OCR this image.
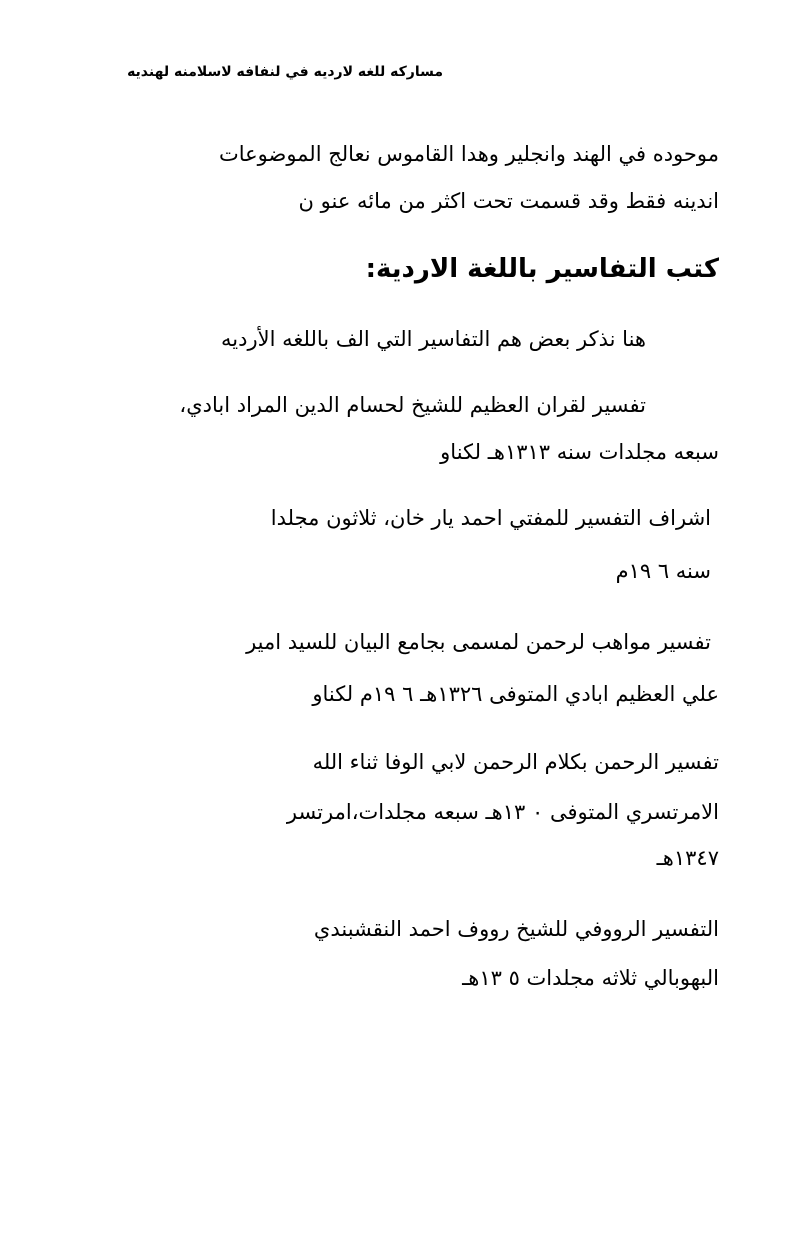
مساركه للغه لارديه في لنفافه لاسلامنه لهنديه
موحوده في الهند وانجلير وهدا القاموس نعالج الموضوعات
اندينه فقط وقد قسمت تحت اكثر من مائه عنو ن
كتب التفاسير باللغة الاردية:
هنا نذكر بعض هم التفاسير التي الف باللغه الأرديه
تفسير لقران العظيم للشيخ لحسام الدين المراد ابادي،
سبعه مجلدات سنه ١٣١٣هـ لكناو
اشراف التفسير للمفتي احمد يار خان، ثلاثون مجلدا
سنه ٦ ١٩م
تفسير مواهب لرحمن لمسمى بجامع البيان للسيد امير
علي العظيم ابادي المتوفى ١٣٢٦هـ ٦ ١٩م لكناو
تفسير الرحمن بكلام الرحمن لابي الوفا ثناء الله
الامرتسري المتوفى ٠ ١٣هـ سبعه مجلدات،امرتسر
١٣٤٧هـ
التفسير الرووفي للشيخ رووف احمد النقشبندي
البهوبالي ثلاثه مجلدات ٥ ١٣هـ
